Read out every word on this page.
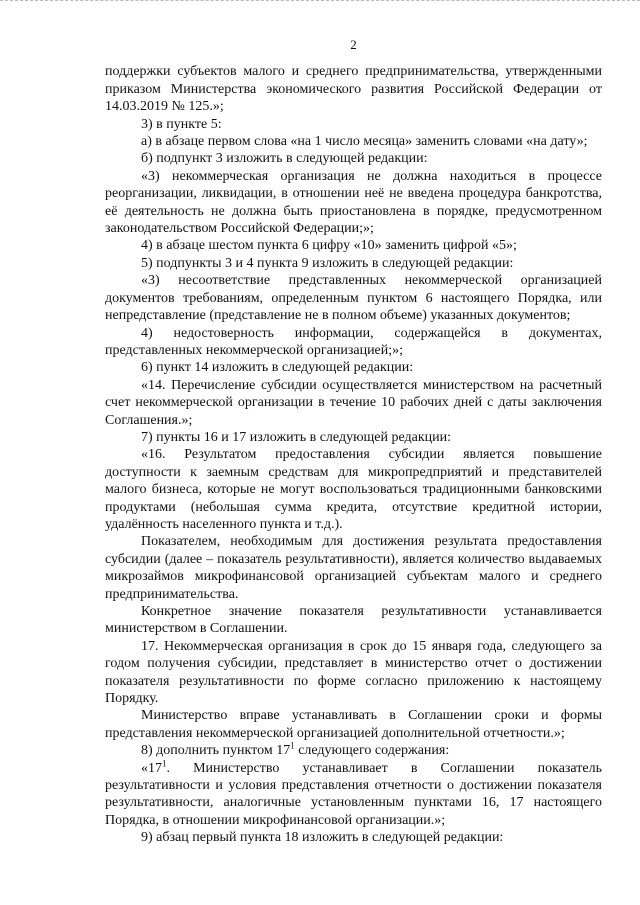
2

поддержки субъектов малого и среднего предпринимательства, утвержденными приказом Министерства экономического развития Российской Федерации от 14.03.2019 № 125.»;

3) в пункте 5:

а) в абзаце первом слова «на 1 число месяца» заменить словами «на дату»;

б) подпункт 3 изложить в следующей редакции:

«3) некоммерческая организация не должна находиться в процессе реорганизации, ликвидации, в отношении неё не введена процедура банкротства, её деятельность не должна быть приостановлена в порядке, предусмотренном законодательством Российской Федерации;»;

4) в абзаце шестом пункта 6 цифру «10» заменить цифрой «5»;

5) подпункты 3 и 4 пункта 9 изложить в следующей редакции:

«3) несоответствие представленных некоммерческой организацией документов требованиям, определенным пунктом 6 настоящего Порядка, или непредставление (представление не в полном объеме) указанных документов;

4) недостоверность информации, содержащейся в документах, представленных некоммерческой организацией;»;

6) пункт 14 изложить в следующей редакции:

«14. Перечисление субсидии осуществляется министерством на расчетный счет некоммерческой организации в течение 10 рабочих дней с даты заключения Соглашения.»;

7) пункты 16 и 17 изложить в следующей редакции:

«16. Результатом предоставления субсидии является повышение доступности к заемным средствам для микропредприятий и представителей малого бизнеса, которые не могут воспользоваться традиционными банковскими продуктами (небольшая сумма кредита, отсутствие кредитной истории, удалённость населенного пункта и т.д.).

Показателем, необходимым для достижения результата предоставления субсидии (далее – показатель результативности), является количество выдаваемых микрозаймов микрофинансовой организацией субъектам малого и среднего предпринимательства.

Конкретное значение показателя результативности устанавливается министерством в Соглашении.

17. Некоммерческая организация в срок до 15 января года, следующего за годом получения субсидии, представляет в министерство отчет о достижении показателя результативности по форме согласно приложению к настоящему Порядку.

Министерство вправе устанавливать в Соглашении сроки и формы представления некоммерческой организацией дополнительной отчетности.»;

8) дополнить пунктом $17^1$ следующего содержания:

«$17^1$. Министерство устанавливает в Соглашении показатель результативности и условия представления отчетности о достижении показателя результативности, аналогичные установленным пунктами 16, 17 настоящего Порядка, в отношении микрофинансовой организации.»;

9) абзац первый пункта 18 изложить в следующей редакции:
